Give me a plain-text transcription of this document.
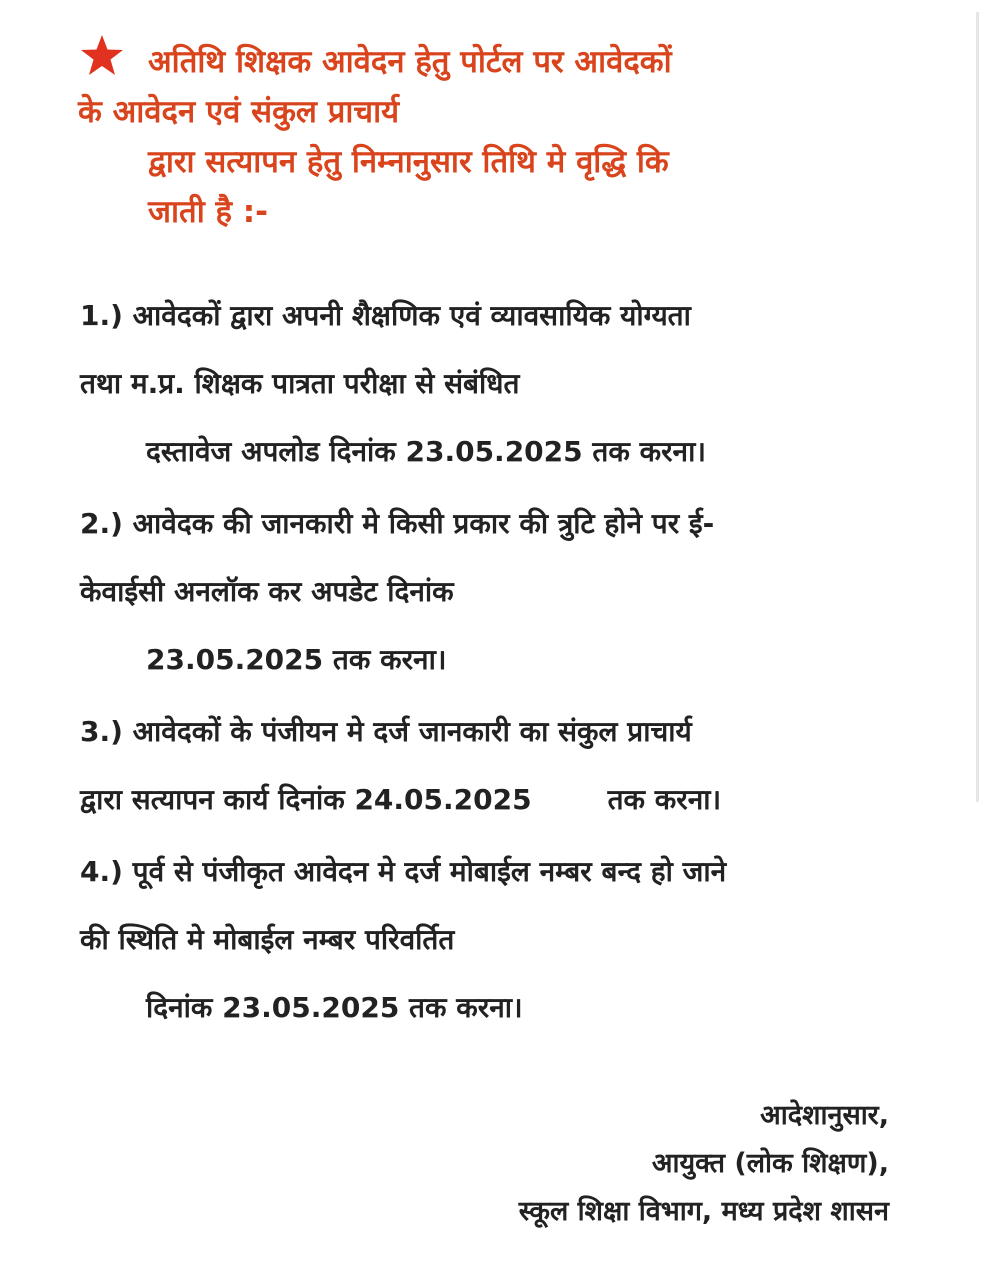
अतिथि शिक्षक आवेदन हेतु पोर्टल पर आवेदकों
के आवेदन एवं संकुल प्राचार्य
द्वारा सत्यापन हेतु निम्नानुसार तिथि मे वृद्धि कि
जाती है :-
1.) आवेदकों द्वारा अपनी शैक्षणिक एवं व्यावसायिक योग्यता
तथा म.प्र. शिक्षक पात्रता परीक्षा से संबंधित
दस्तावेज अपलोड दिनांक 23.05.2025 तक करना।
2.) आवेदक की जानकारी मे किसी प्रकार की त्रुटि होने पर ई-
केवाईसी अनलॉक कर अपडेट दिनांक
23.05.2025 तक करना।
3.) आवेदकों के पंजीयन मे दर्ज जानकारी का संकुल प्राचार्य
द्वारा सत्यापन कार्य दिनांक 24.05.2025	तक करना।
4.) पूर्व से पंजीकृत आवेदन मे दर्ज मोबाईल नम्बर बन्द हो जाने
की स्थिति मे मोबाईल नम्बर परिवर्तित
दिनांक 23.05.2025 तक करना।
आदेशानुसार,
आयुक्त (लोक शिक्षण),
स्कूल शिक्षा विभाग, मध्य प्रदेश शासन
